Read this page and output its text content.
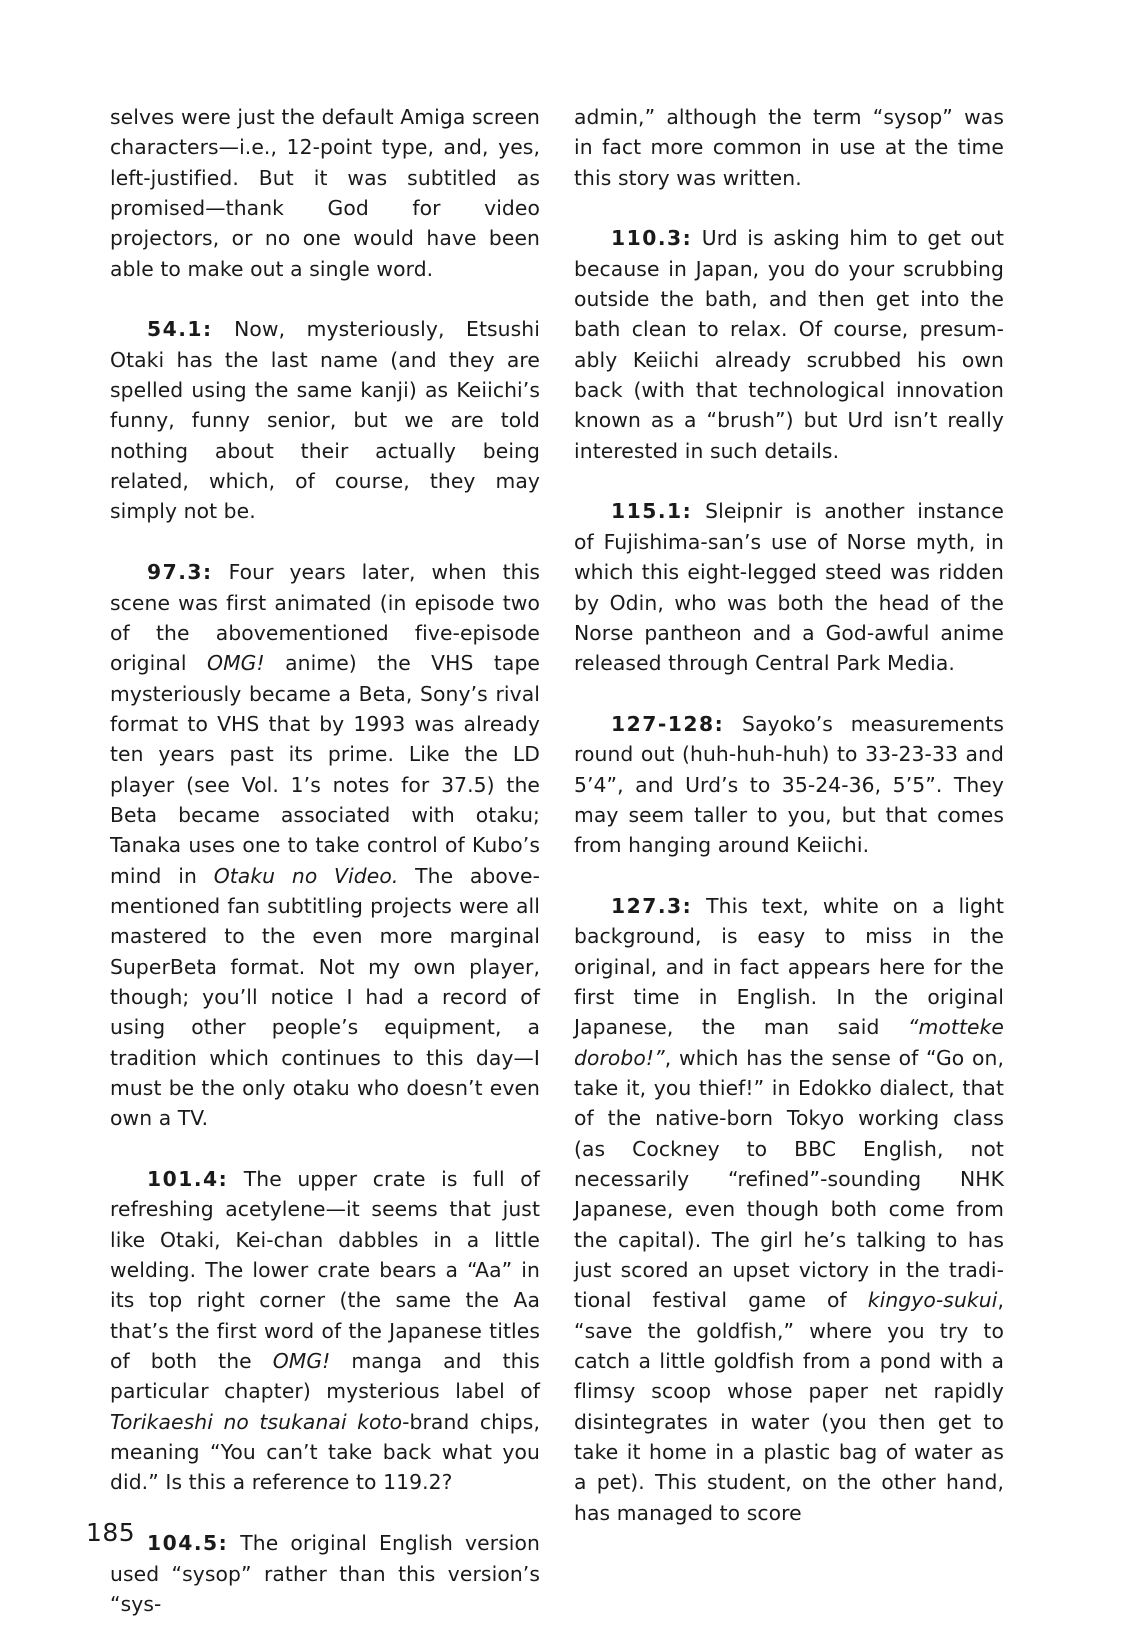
selves were just the default Amiga screen characters—i.e., 12-point type, and, yes, left-justified. But it was subtitled as promised—thank God for video projectors, or no one would have been able to make out a single word.

54.1: Now, mysteriously, Etsushi Otaki has the last name (and they are spelled using the same kanji) as Keiichi’s funny, funny senior, but we are told nothing about their actually being related, which, of course, they may simply not be.

97.3: Four years later, when this scene was first animated (in episode two of the abovementioned five-episode original OMG! anime) the VHS tape mysteriously became a Beta, Sony’s rival format to VHS that by 1993 was already ten years past its prime. Like the LD player (see Vol. 1’s notes for 37.5) the Beta became associated with otaku; Tanaka uses one to take control of Kubo’s mind in Otaku no Video. The above-mentioned fan subtitling projects were all mastered to the even more marginal SuperBeta format. Not my own player, though; you’ll notice I had a record of using other people’s equipment, a tradition which continues to this day—I must be the only otaku who doesn’t even own a TV.

101.4: The upper crate is full of refreshing acetylene—it seems that just like Otaki, Kei-chan dabbles in a little welding. The lower crate bears a “Aa” in its top right corner (the same the Aa that’s the first word of the Japanese titles of both the OMG! manga and this particular chapter) mysterious label of Torikaeshi no tsukanai koto-brand chips, meaning “You can’t take back what you did.” Is this a reference to 119.2?

104.5: The original English version used “sysop” rather than this version’s “sys-

admin,” although the term “sysop” was in fact more common in use at the time this story was written.

110.3: Urd is asking him to get out because in Japan, you do your scrubbing outside the bath, and then get into the bath clean to relax. Of course, presumably Keiichi already scrubbed his own back (with that technological innovation known as a “brush”) but Urd isn’t really interested in such details.

115.1: Sleipnir is another instance of Fujishima-san’s use of Norse myth, in which this eight-legged steed was ridden by Odin, who was both the head of the Norse pantheon and a God-awful anime released through Central Park Media.

127-128: Sayoko’s measurements round out (huh-huh-huh) to 33-23-33 and 5’4”, and Urd’s to 35-24-36, 5’5”. They may seem taller to you, but that comes from hanging around Keiichi.

127.3: This text, white on a light background, is easy to miss in the original, and in fact appears here for the first time in English. In the original Japanese, the man said “motteke dorobo!”, which has the sense of “Go on, take it, you thief!” in Edokko dialect, that of the native-born Tokyo working class (as Cockney to BBC English, not necessarily “refined”-sounding NHK Japanese, even though both come from the capital). The girl he’s talking to has just scored an upset victory in the traditional festival game of kingyo-sukui, “save the goldfish,” where you try to catch a little goldfish from a pond with a flimsy scoop whose paper net rapidly disintegrates in water (you then get to take it home in a plastic bag of water as a pet). This student, on the other hand, has managed to score

185
